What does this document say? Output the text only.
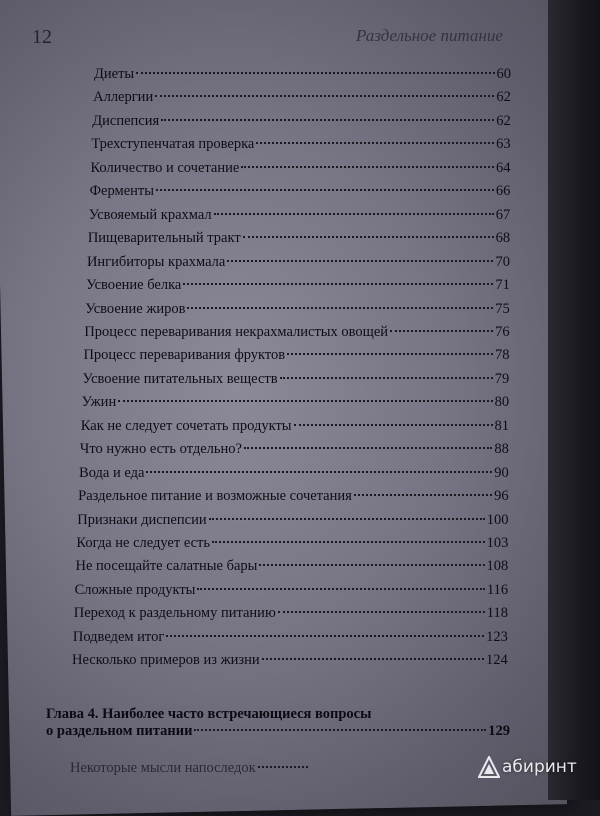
12	Раздельное питание
Глава 4. Наиболее часто встречающиеся вопросы
о раздельном питании	129
Некоторые мысли напоследок
Диеты	60
Аллергии	62
Диспепсия	62
Трехступенчатая проверка	63
Количество и сочетание	64
Ферменты	66
Усвояемый крахмал	67
Пищеварительный тракт	68
Ингибиторы крахмала	70
Усвоение белка	71
Усвоение жиров	75
Процесс переваривания некрахмалистых овощей	76
Процесс переваривания фруктов	78
Усвоение питательных веществ	79
Ужин	80
Как не следует сочетать продукты	81
Что нужно есть отдельно?	88
Вода и еда	90
Раздельное питание и возможные сочетания	96
Признаки диспепсии	100
Когда не следует есть	103
Не посещайте салатные бары	108
Сложные продукты	116
Переход к раздельному питанию	118
Подведем итог	123
Несколько примеров из жизни	124
абиринт
